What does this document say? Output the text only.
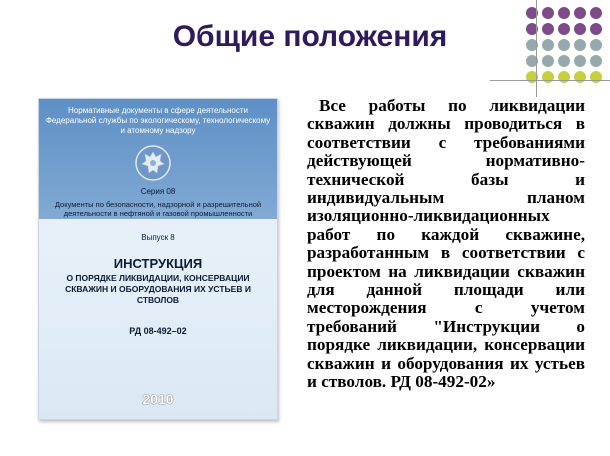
Общие положения
Нормативные документы в сфере деятельности Федеральной службы по экологическому, технологическому и атомному надзору
Серия 08
Документы по безопасности, надзорной и разрешительной деятельности в нефтяной и газовой промышленности
Выпуск 8
ИНСТРУКЦИЯ
О ПОРЯДКЕ ЛИКВИДАЦИИ, КОНСЕРВАЦИИ СКВАЖИН И ОБОРУДОВАНИЯ ИХ УСТЬЕВ И СТВОЛОВ
РД 08-492–02
2010

Все работы по ликвидации скважин должны проводиться в соответствии с требованиями действующей нормативно-технической базы и индивидуальным планом изоляционно-ликвидационных работ по каждой скважине, разработанным в соответствии с проектом на ликвидации скважин для данной площади или месторождения с учетом требований "Инструкции о порядке ликвидации, консервации скважин и оборудования их устьев и стволов. РД 08-492-02»
